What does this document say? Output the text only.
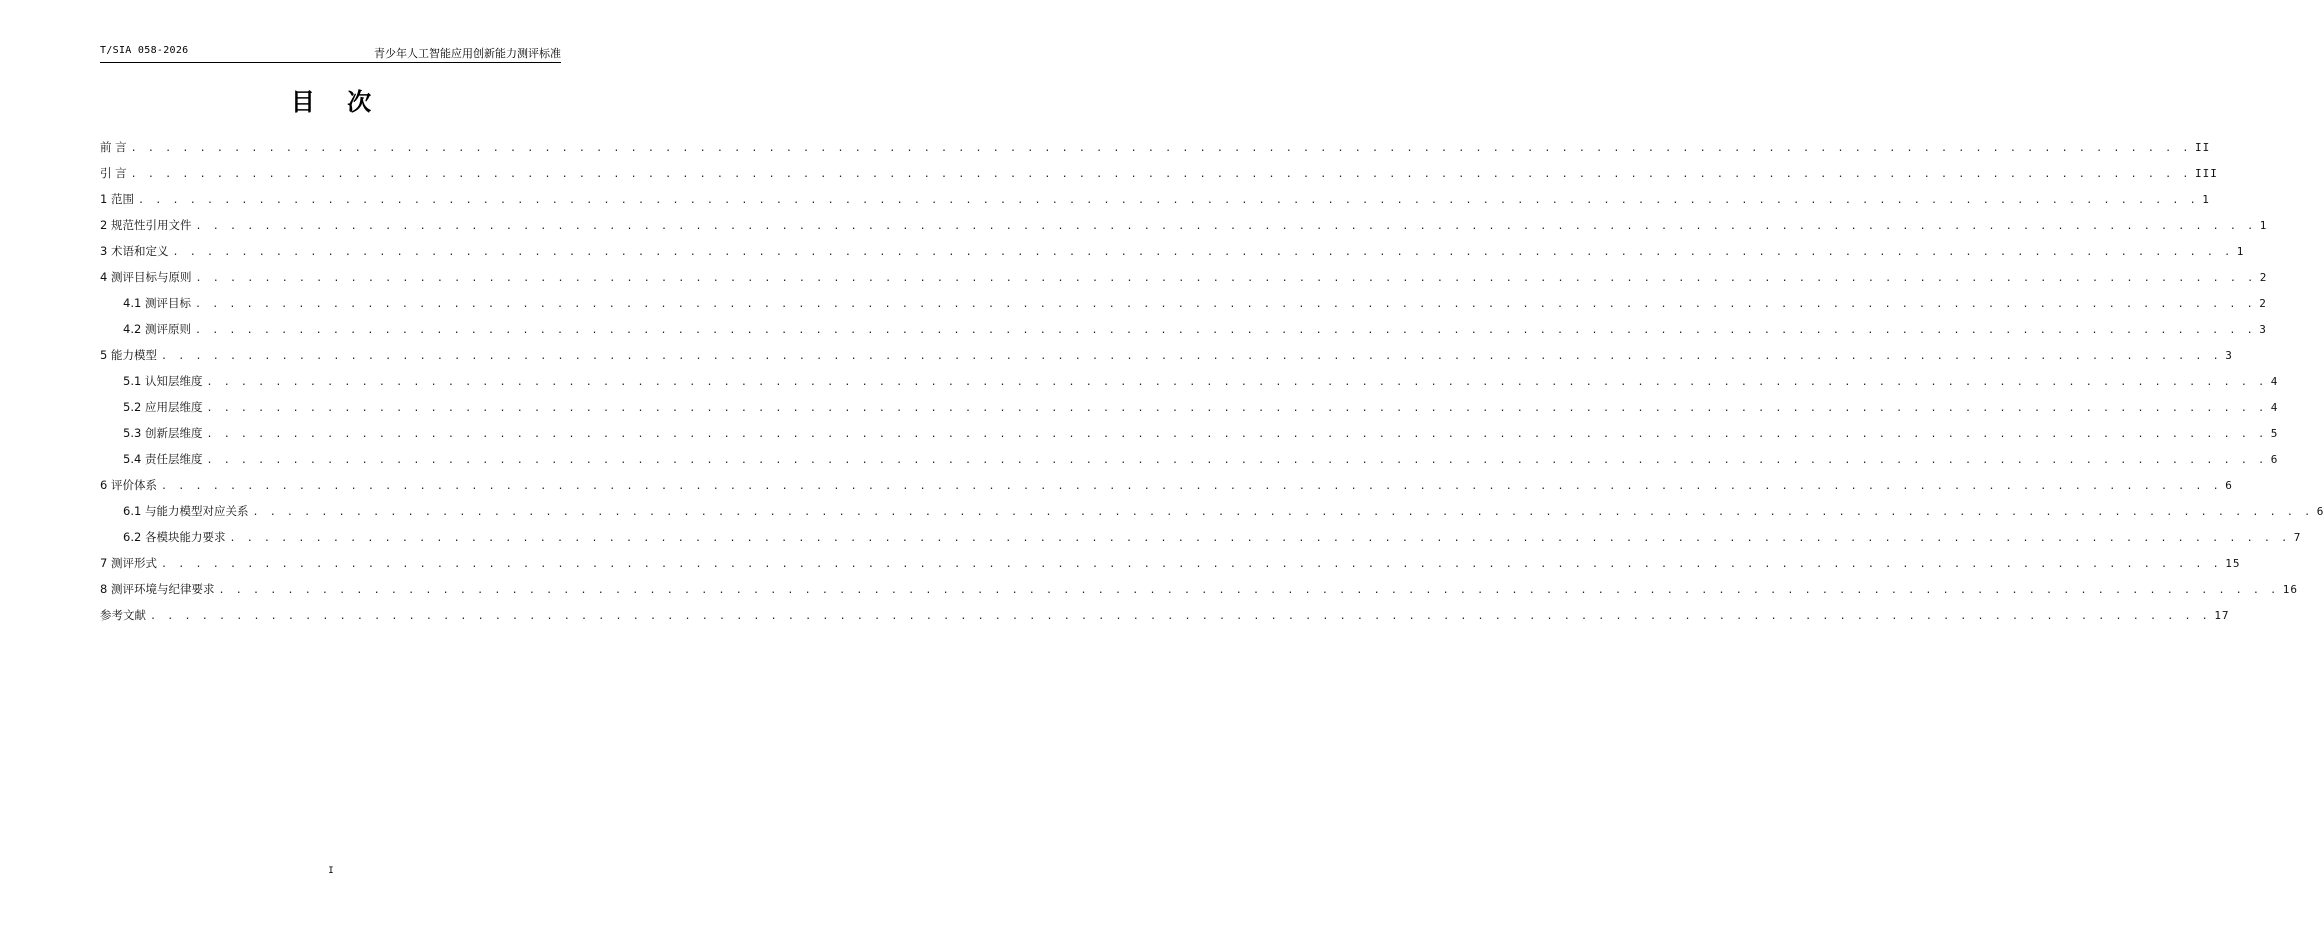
T/SIA 058-2026	青少年人工智能应用创新能力测评标准
目 次
前 言 . . . . . . . . . . . . . . . . . . . . . . . . . . . . . . . . . . . . . . . . . . . . . . . . . . . . . . . . . . . . . . . . . . . . . . . . . . . . . . . . . . . . . . . . . . . . . . . . . . . . . . . . . . . . . . . . . . . . . . . . II
引 言 . . . . . . . . . . . . . . . . . . . . . . . . . . . . . . . . . . . . . . . . . . . . . . . . . . . . . . . . . . . . . . . . . . . . . . . . . . . . . . . . . . . . . . . . . . . . . . . . . . . . . . . . . . . . . . . . . . . . . . . . III
1 范围 . . . . . . . . . . . . . . . . . . . . . . . . . . . . . . . . . . . . . . . . . . . . . . . . . . . . . . . . . . . . . . . . . . . . . . . . . . . . . . . . . . . . . . . . . . . . . . . . . . . . . . . . . . . . . . . . . . . . . . . . 1
2 规范性引用文件 . . . . . . . . . . . . . . . . . . . . . . . . . . . . . . . . . . . . . . . . . . . . . . . . . . . . . . . . . . . . . . . . . . . . . . . . . . . . . . . . . . . . . . . . . . . . . . . . . . . . . . . . . . . . . . . . . . . . . . . . 1
3 术语和定义 . . . . . . . . . . . . . . . . . . . . . . . . . . . . . . . . . . . . . . . . . . . . . . . . . . . . . . . . . . . . . . . . . . . . . . . . . . . . . . . . . . . . . . . . . . . . . . . . . . . . . . . . . . . . . . . . . . . . . . . . 1
4 测评目标与原则 . . . . . . . . . . . . . . . . . . . . . . . . . . . . . . . . . . . . . . . . . . . . . . . . . . . . . . . . . . . . . . . . . . . . . . . . . . . . . . . . . . . . . . . . . . . . . . . . . . . . . . . . . . . . . . . . . . . . . . . . 2
4.1 测评目标 . . . . . . . . . . . . . . . . . . . . . . . . . . . . . . . . . . . . . . . . . . . . . . . . . . . . . . . . . . . . . . . . . . . . . . . . . . . . . . . . . . . . . . . . . . . . . . . . . . . . . . . . . . . . . . . . . . . . . . . . 2
4.2 测评原则 . . . . . . . . . . . . . . . . . . . . . . . . . . . . . . . . . . . . . . . . . . . . . . . . . . . . . . . . . . . . . . . . . . . . . . . . . . . . . . . . . . . . . . . . . . . . . . . . . . . . . . . . . . . . . . . . . . . . . . . . 3
5 能力模型 . . . . . . . . . . . . . . . . . . . . . . . . . . . . . . . . . . . . . . . . . . . . . . . . . . . . . . . . . . . . . . . . . . . . . . . . . . . . . . . . . . . . . . . . . . . . . . . . . . . . . . . . . . . . . . . . . . . . . . . . 3
5.1 认知层维度 . . . . . . . . . . . . . . . . . . . . . . . . . . . . . . . . . . . . . . . . . . . . . . . . . . . . . . . . . . . . . . . . . . . . . . . . . . . . . . . . . . . . . . . . . . . . . . . . . . . . . . . . . . . . . . . . . . . . . . . . 4
5.2 应用层维度 . . . . . . . . . . . . . . . . . . . . . . . . . . . . . . . . . . . . . . . . . . . . . . . . . . . . . . . . . . . . . . . . . . . . . . . . . . . . . . . . . . . . . . . . . . . . . . . . . . . . . . . . . . . . . . . . . . . . . . . . 4
5.3 创新层维度 . . . . . . . . . . . . . . . . . . . . . . . . . . . . . . . . . . . . . . . . . . . . . . . . . . . . . . . . . . . . . . . . . . . . . . . . . . . . . . . . . . . . . . . . . . . . . . . . . . . . . . . . . . . . . . . . . . . . . . . . 5
5.4 责任层维度 . . . . . . . . . . . . . . . . . . . . . . . . . . . . . . . . . . . . . . . . . . . . . . . . . . . . . . . . . . . . . . . . . . . . . . . . . . . . . . . . . . . . . . . . . . . . . . . . . . . . . . . . . . . . . . . . . . . . . . . . 6
6 评价体系 . . . . . . . . . . . . . . . . . . . . . . . . . . . . . . . . . . . . . . . . . . . . . . . . . . . . . . . . . . . . . . . . . . . . . . . . . . . . . . . . . . . . . . . . . . . . . . . . . . . . . . . . . . . . . . . . . . . . . . . . 6
6.1 与能力模型对应关系 . . . . . . . . . . . . . . . . . . . . . . . . . . . . . . . . . . . . . . . . . . . . . . . . . . . . . . . . . . . . . . . . . . . . . . . . . . . . . . . . . . . . . . . . . . . . . . . . . . . . . . . . . . . . . . . . . . . . . . . . 6
6.2 各模块能力要求 . . . . . . . . . . . . . . . . . . . . . . . . . . . . . . . . . . . . . . . . . . . . . . . . . . . . . . . . . . . . . . . . . . . . . . . . . . . . . . . . . . . . . . . . . . . . . . . . . . . . . . . . . . . . . . . . . . . . . . . . 7
7 测评形式 . . . . . . . . . . . . . . . . . . . . . . . . . . . . . . . . . . . . . . . . . . . . . . . . . . . . . . . . . . . . . . . . . . . . . . . . . . . . . . . . . . . . . . . . . . . . . . . . . . . . . . . . . . . . . . . . . . . . . . . . 15
8 测评环境与纪律要求 . . . . . . . . . . . . . . . . . . . . . . . . . . . . . . . . . . . . . . . . . . . . . . . . . . . . . . . . . . . . . . . . . . . . . . . . . . . . . . . . . . . . . . . . . . . . . . . . . . . . . . . . . . . . . . . . . . . . . . . . 16
参考文献 . . . . . . . . . . . . . . . . . . . . . . . . . . . . . . . . . . . . . . . . . . . . . . . . . . . . . . . . . . . . . . . . . . . . . . . . . . . . . . . . . . . . . . . . . . . . . . . . . . . . . . . . . . . . . . . . . . . . . . . . 17
I
